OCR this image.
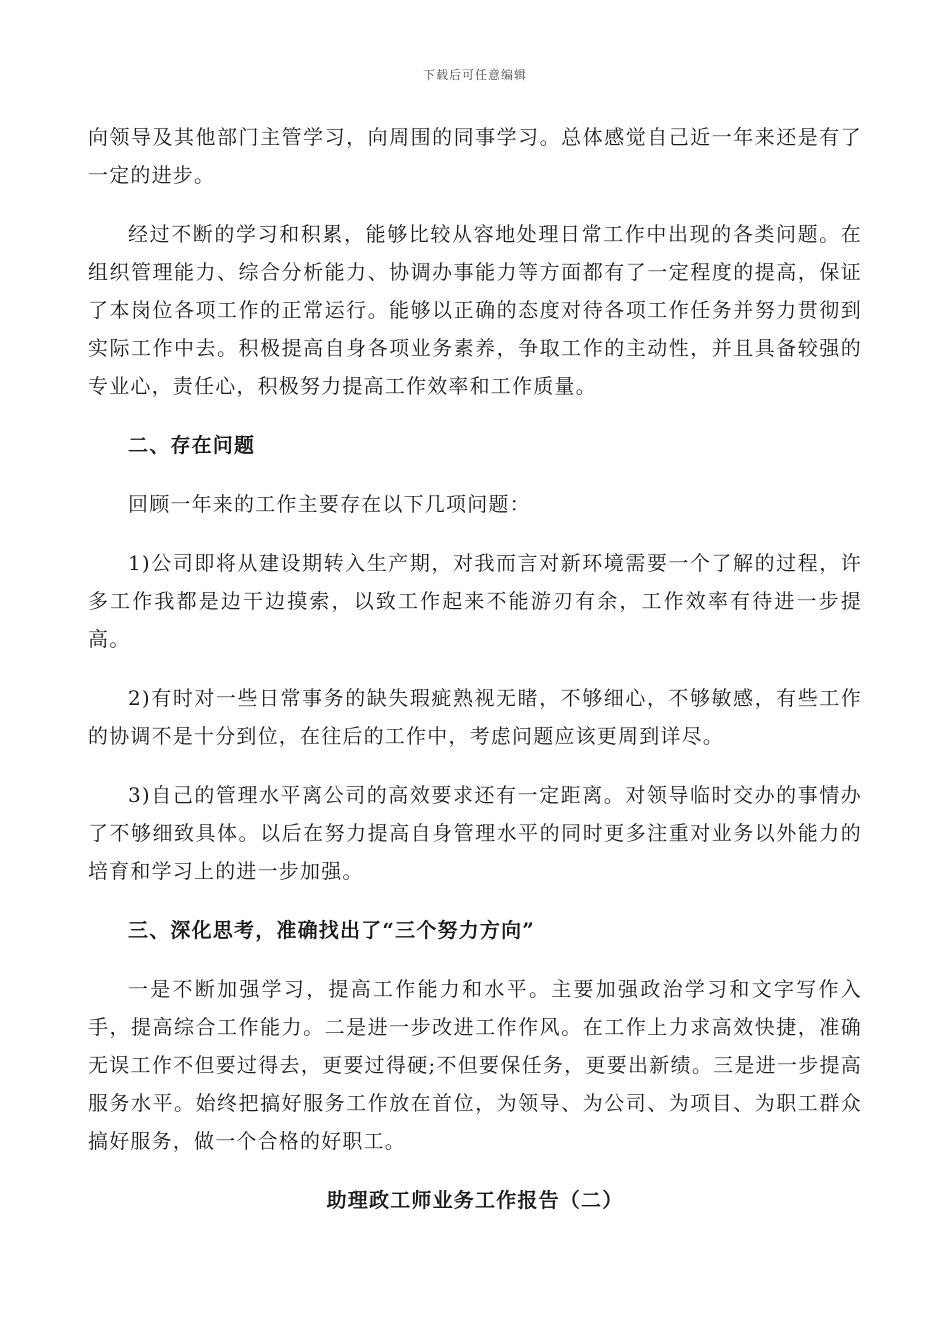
下载后可任意编辑

向领导及其他部门主管学习，向周围的同事学习。总体感觉自己近一年来还是有了一定的进步。

经过不断的学习和积累，能够比较从容地处理日常工作中出现的各类问题。在组织管理能力、综合分析能力、协调办事能力等方面都有了一定程度的提高，保证了本岗位各项工作的正常运行。能够以正确的态度对待各项工作任务并努力贯彻到实际工作中去。积极提高自身各项业务素养，争取工作的主动性，并且具备较强的专业心，责任心，积极努力提高工作效率和工作质量。

二、存在问题

回顾一年来的工作主要存在以下几项问题：

1)公司即将从建设期转入生产期，对我而言对新环境需要一个了解的过程，许多工作我都是边干边摸索，以致工作起来不能游刃有余，工作效率有待进一步提高。

2)有时对一些日常事务的缺失瑕疵熟视无睹，不够细心，不够敏感，有些工作的协调不是十分到位，在往后的工作中，考虑问题应该更周到详尽。

3)自己的管理水平离公司的高效要求还有一定距离。对领导临时交办的事情办了不够细致具体。以后在努力提高自身管理水平的同时更多注重对业务以外能力的培育和学习上的进一步加强。

三、深化思考，准确找出了“三个努力方向”

一是不断加强学习，提高工作能力和水平。主要加强政治学习和文字写作入手，提高综合工作能力。二是进一步改进工作作风。在工作上力求高效快捷，准确无误工作不但要过得去，更要过得硬;不但要保任务，更要出新绩。三是进一步提高服务水平。始终把搞好服务工作放在首位，为领导、为公司、为项目、为职工群众搞好服务，做一个合格的好职工。

助理政工师业务工作报告（二）
